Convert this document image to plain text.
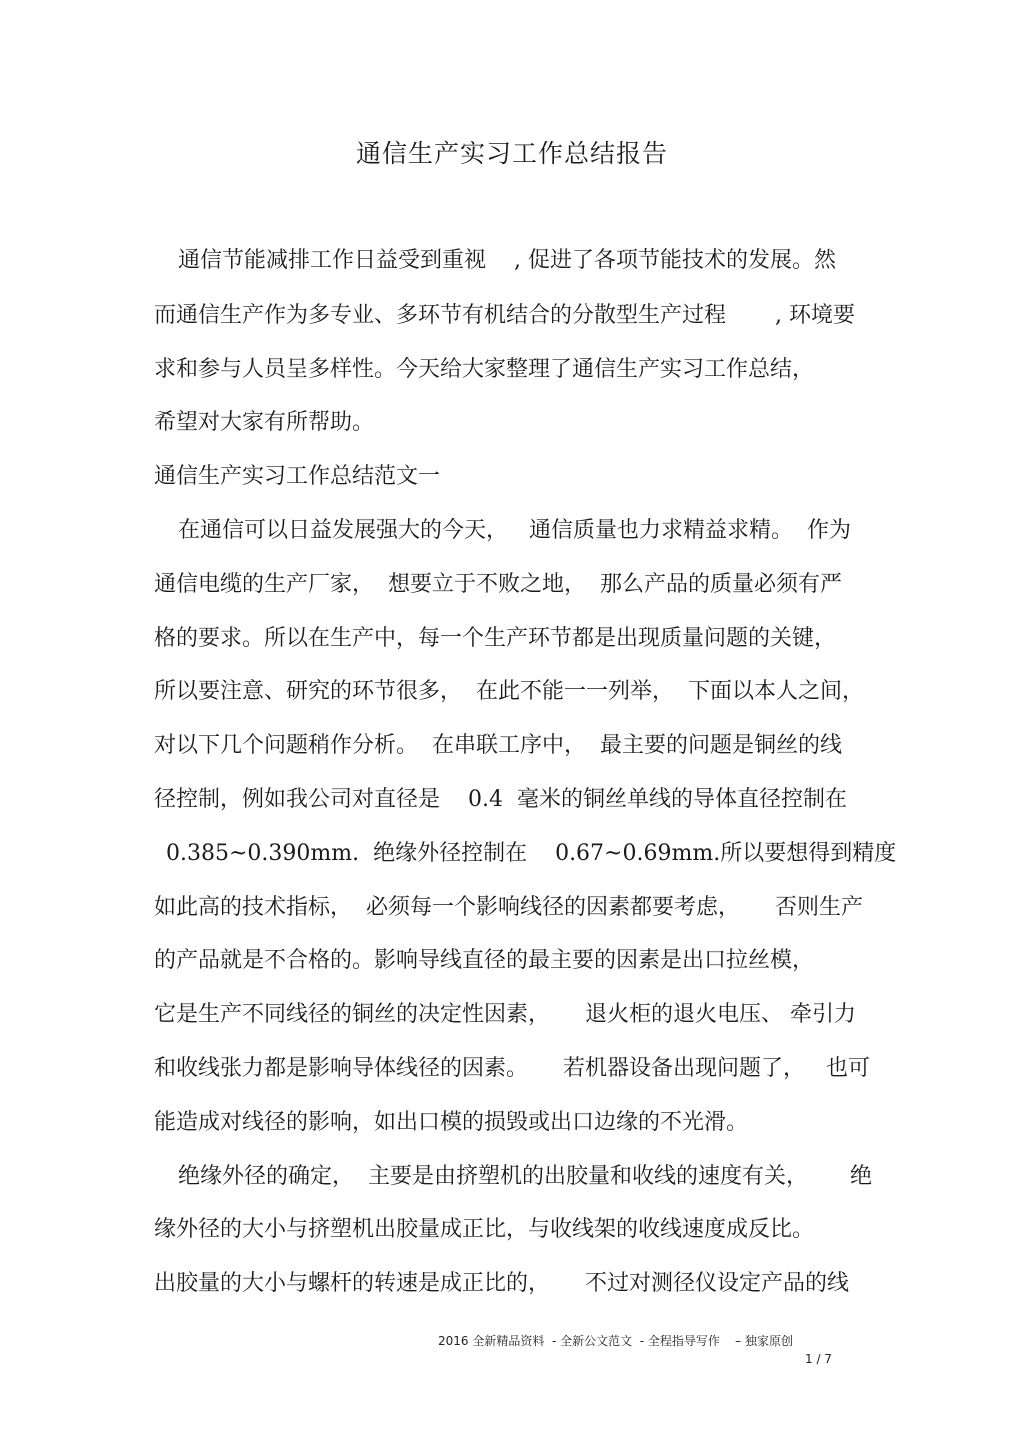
通信生产实习工作总结报告
通信节能减排工作日益受到重视    , 促进了各项节能技术的发展。然
而通信生产作为多专业、多环节有机结合的分散型生产过程       , 环境要
求和参与人员呈多样性。今天给大家整理了通信生产实习工作总结，
希望对大家有所帮助。
通信生产实习工作总结范文一
在通信可以日益发展强大的今天，   通信质量也力求精益求精。  作为
通信电缆的生产厂家，  想要立于不败之地，  那么产品的质量必须有严
格的要求。所以在生产中，每一个生产环节都是出现质量问题的关键，
所以要注意、研究的环节很多，  在此不能一一列举，  下面以本人之间，
对以下几个问题稍作分析。  在串联工序中，  最主要的问题是铜丝的线
径控制，例如我公司对直径是    0.4  毫米的铜丝单线的导体直径控制在
0.385~0.390mm.  绝缘外径控制在    0.67~0.69mm.所以要想得到精度
如此高的技术指标，  必须每一个影响线径的因素都要考虑，     否则生产
的产品就是不合格的。影响导线直径的最主要的因素是出口拉丝模，
它是生产不同线径的铜丝的决定性因素，     退火柜的退火电压、 牵引力
和收线张力都是影响导体线径的因素。     若机器设备出现问题了，   也可
能造成对线径的影响，如出口模的损毁或出口边缘的不光滑。
绝缘外径的确定，  主要是由挤塑机的出胶量和收线的速度有关，      绝
缘外径的大小与挤塑机出胶量成正比，与收线架的收线速度成反比。
出胶量的大小与螺杆的转速是成正比的，     不过对测径仪设定产品的线
2016 全新精品资料  - 全新公文范文  - 全程指导写作    – 独家原创
1 / 7
